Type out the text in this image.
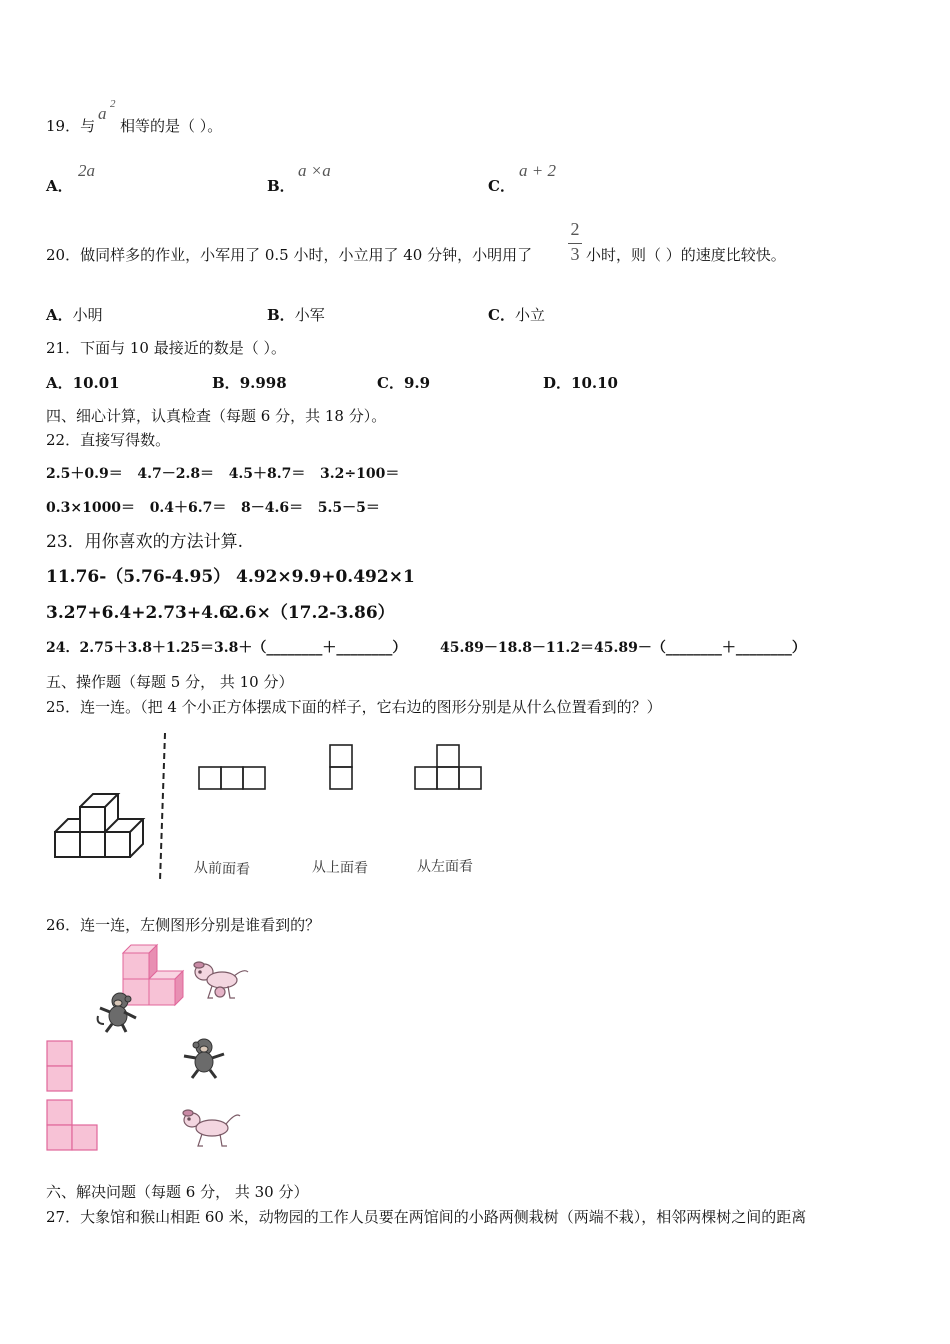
19．与
a 2
相等的是（ ）。
A．
2a
B．
a ×a
C．
a + 2
20．做同样多的作业，小军用了 0.5 小时，小立用了 40 分钟，小明用了
2
3 小时，则（ ）的速度比较快。
A．小明	B．小军	C．小立
21．下面与 10 最接近的数是（ ）。
A．10.01	B．9.998	C．9.9	D．10.10
四、细心计算，认真检查（每题 6 分，共 18 分）。
22．直接写得数。
2.5＋0.9＝ 4.7－2.8＝ 4.5＋8.7＝ 3.2÷100＝
0.3×1000＝ 0.4＋6.7＝ 8－4.6＝ 5.5－5＝
23．用你喜欢的方法计算.
11.76-（5.76-4.95） 4.92×9.9+0.492×1
3.27+6.4+2.73+4.6
2.6×（17.2-3.86）
24．2.75＋3.8＋1.25＝3.8＋（________＋________） 45.89－18.8－11.2＝45.89－（________＋________）
五、操作题（每题 5 分， 共 10 分）
25．连一连。（把 4 个小正方体摆成下面的样子，它右边的图形分别是从什么位置看到的？）
从前面看	从上面看	从左面看
26．连一连，左侧图形分别是谁看到的？
六、解决问题（每题 6 分， 共 30 分）
27．大象馆和猴山相距 60 米，动物园的工作人员要在两馆间的小路两侧栽树（两端不栽），相邻两棵树之间的距离
